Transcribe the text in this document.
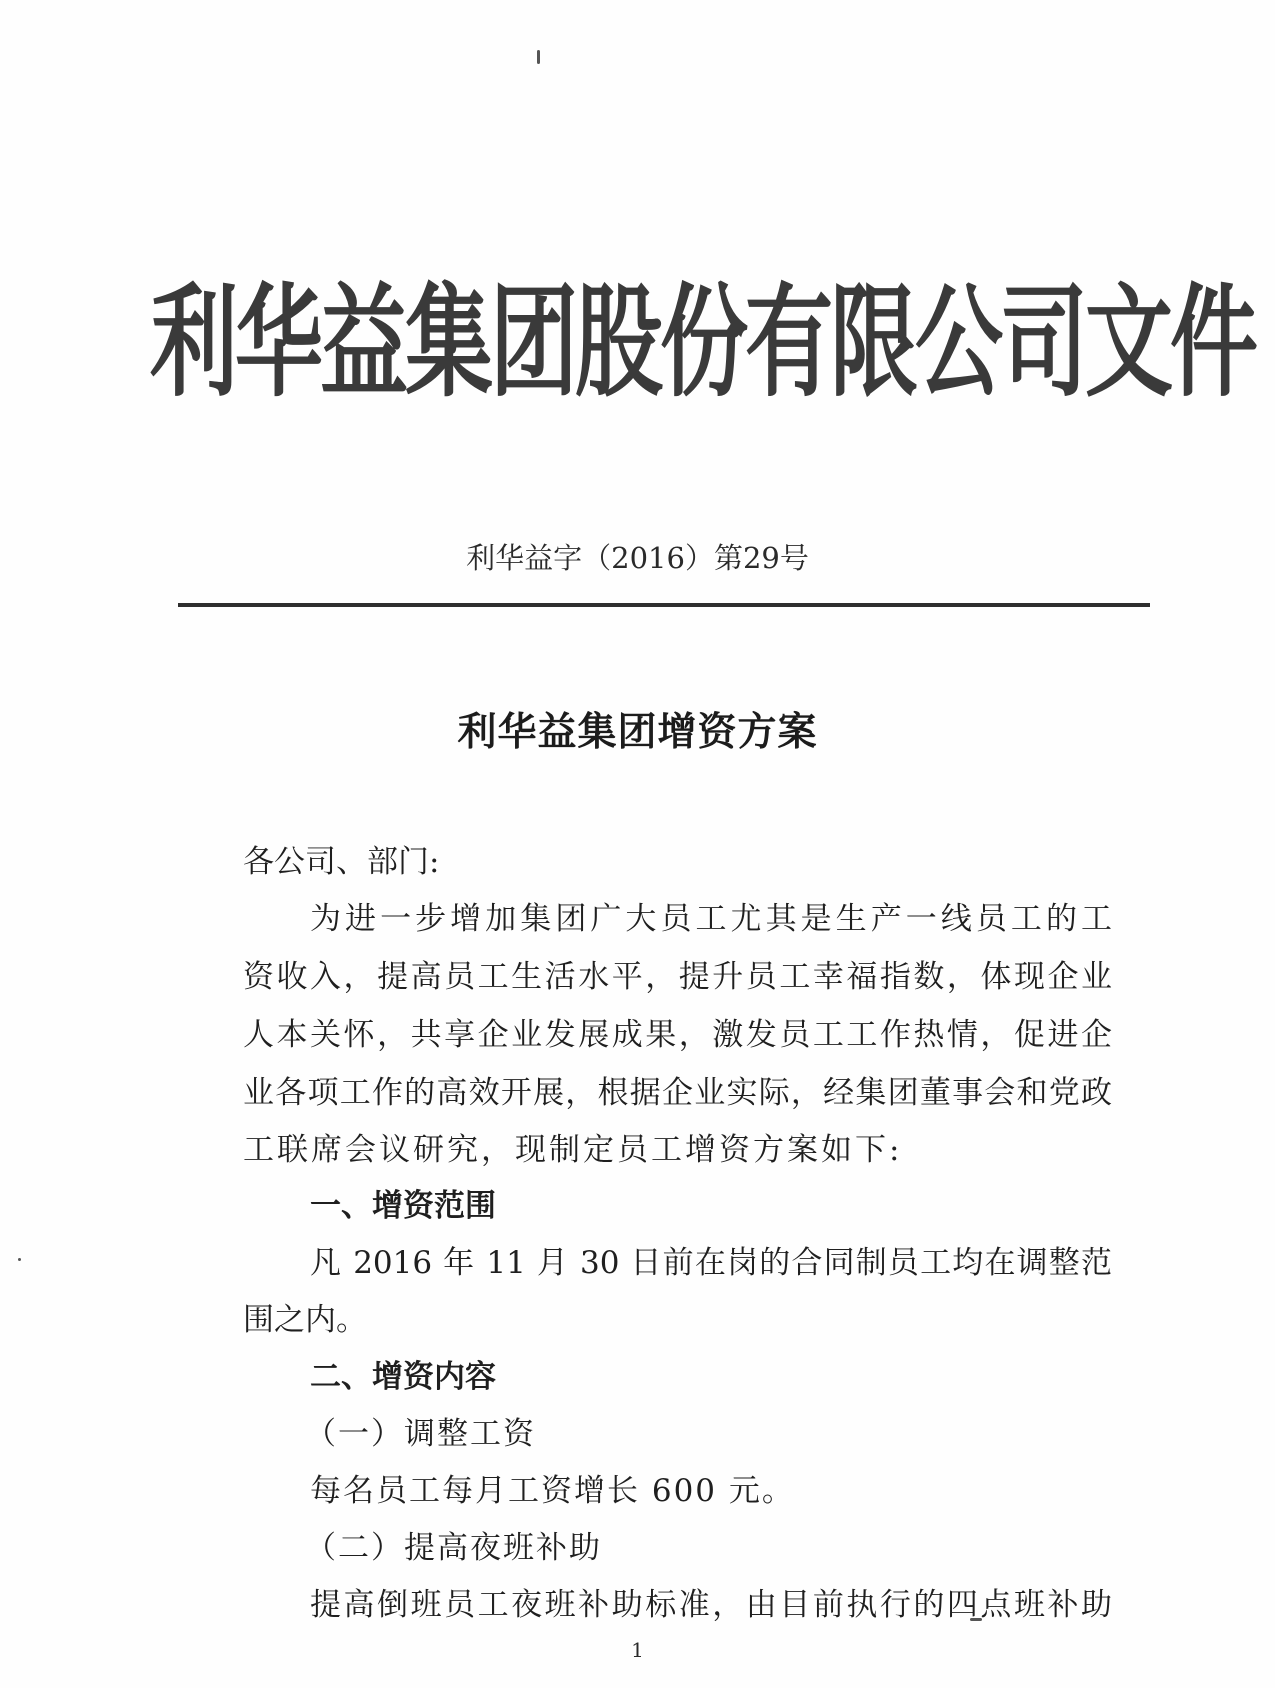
利华益集团股份有限公司文件
利华益字（2016）第29号
利华益集团增资方案
各公司、部门:
为进一步增加集团广大员工尤其是生产一线员工的工
资收入，提高员工生活水平，提升员工幸福指数，体现企业
人本关怀，共享企业发展成果，激发员工工作热情，促进企
业各项工作的高效开展，根据企业实际，经集团董事会和党政
工联席会议研究，现制定员工增资方案如下:
一、增资范围
凡 2016 年 11 月 30 日前在岗的合同制员工均在调整范
围之内。
二、增资内容
（一）调整工资
每名员工每月工资增长 600 元。
（二）提高夜班补助
提高倒班员工夜班补助标准，由目前执行的四点班补助
1
